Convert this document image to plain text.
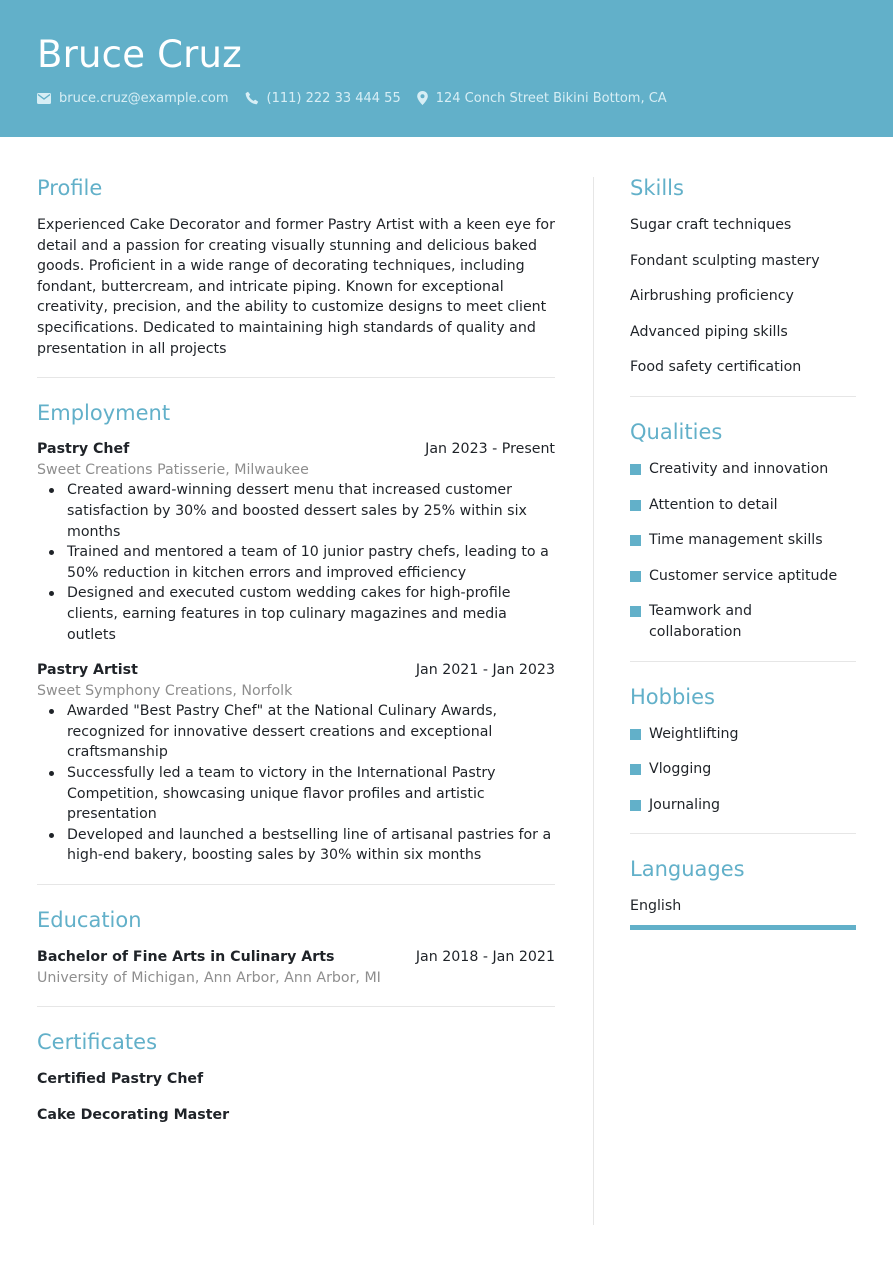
Bruce Cruz
bruce.cruz@example.com	(111) 222 33 444 55	124 Conch Street Bikini Bottom, CA
Profile
Experienced Cake Decorator and former Pastry Artist with a keen eye for detail and a passion for creating visually stunning and delicious baked goods. Proficient in a wide range of decorating techniques, including fondant, buttercream, and intricate piping. Known for exceptional creativity, precision, and the ability to customize designs to meet client specifications. Dedicated to maintaining high standards of quality and presentation in all projects
Employment
Pastry Chef	Jan 2023 - Present
Sweet Creations Patisserie, Milwaukee
Created award-winning dessert menu that increased customer satisfaction by 30% and boosted dessert sales by 25% within six months
Trained and mentored a team of 10 junior pastry chefs, leading to a 50% reduction in kitchen errors and improved efficiency
Designed and executed custom wedding cakes for high-profile clients, earning features in top culinary magazines and media outlets
Pastry Artist	Jan 2021 - Jan 2023
Sweet Symphony Creations, Norfolk
Awarded "Best Pastry Chef" at the National Culinary Awards, recognized for innovative dessert creations and exceptional craftsmanship
Successfully led a team to victory in the International Pastry Competition, showcasing unique flavor profiles and artistic presentation
Developed and launched a bestselling line of artisanal pastries for a high-end bakery, boosting sales by 30% within six months
Education
Bachelor of Fine Arts in Culinary Arts	Jan 2018 - Jan 2021
University of Michigan, Ann Arbor, Ann Arbor, MI
Certificates
Certified Pastry Chef
Cake Decorating Master
Skills
Sugar craft techniques
Fondant sculpting mastery
Airbrushing proficiency
Advanced piping skills
Food safety certification
Qualities
Creativity and innovation
Attention to detail
Time management skills
Customer service aptitude
Teamwork and collaboration
Hobbies
Weightlifting
Vlogging
Journaling
Languages
English
